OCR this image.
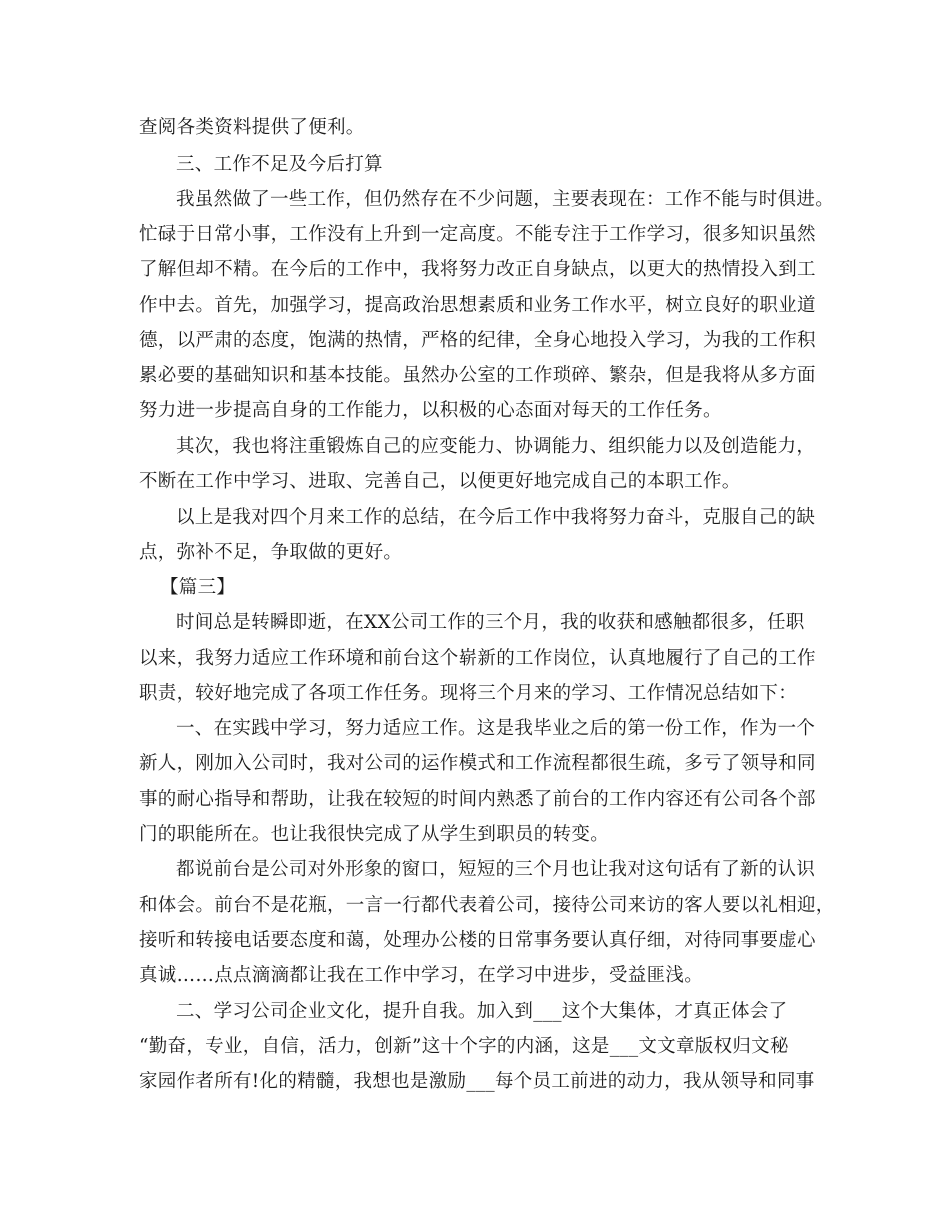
查阅各类资料提供了便利。
三、工作不足及今后打算
我虽然做了一些工作，但仍然存在不少问题，主要表现在：工作不能与时俱进。
忙碌于日常小事，工作没有上升到一定高度。不能专注于工作学习，很多知识虽然
了解但却不精。在今后的工作中，我将努力改正自身缺点，以更大的热情投入到工
作中去。首先，加强学习，提高政治思想素质和业务工作水平，树立良好的职业道
德，以严肃的态度，饱满的热情，严格的纪律，全身心地投入学习，为我的工作积
累必要的基础知识和基本技能。虽然办公室的工作琐碎、繁杂，但是我将从多方面
努力进一步提高自身的工作能力，以积极的心态面对每天的工作任务。
其次，我也将注重锻炼自己的应变能力、协调能力、组织能力以及创造能力，
不断在工作中学习、进取、完善自己，以便更好地完成自己的本职工作。
以上是我对四个月来工作的总结，在今后工作中我将努力奋斗，克服自己的缺
点，弥补不足，争取做的更好。
【篇三】
时间总是转瞬即逝，在XX公司工作的三个月，我的收获和感触都很多，任职
以来，我努力适应工作环境和前台这个崭新的工作岗位，认真地履行了自己的工作
职责，较好地完成了各项工作任务。现将三个月来的学习、工作情况总结如下：
一、在实践中学习，努力适应工作。这是我毕业之后的第一份工作，作为一个
新人，刚加入公司时，我对公司的运作模式和工作流程都很生疏，多亏了领导和同
事的耐心指导和帮助，让我在较短的时间内熟悉了前台的工作内容还有公司各个部
门的职能所在。也让我很快完成了从学生到职员的转变。
都说前台是公司对外形象的窗口，短短的三个月也让我对这句话有了新的认识
和体会。前台不是花瓶，一言一行都代表着公司，接待公司来访的客人要以礼相迎，
接听和转接电话要态度和蔼，处理办公楼的日常事务要认真仔细，对待同事要虚心
真诚……点点滴滴都让我在工作中学习，在学习中进步，受益匪浅。
二、学习公司企业文化，提升自我。加入到___这个大集体，才真正体会了
“勤奋，专业，自信，活力，创新”这十个字的内涵，这是___文文章版权归文秘
家园作者所有!化的精髓，我想也是激励___每个员工前进的动力，我从领导和同事
